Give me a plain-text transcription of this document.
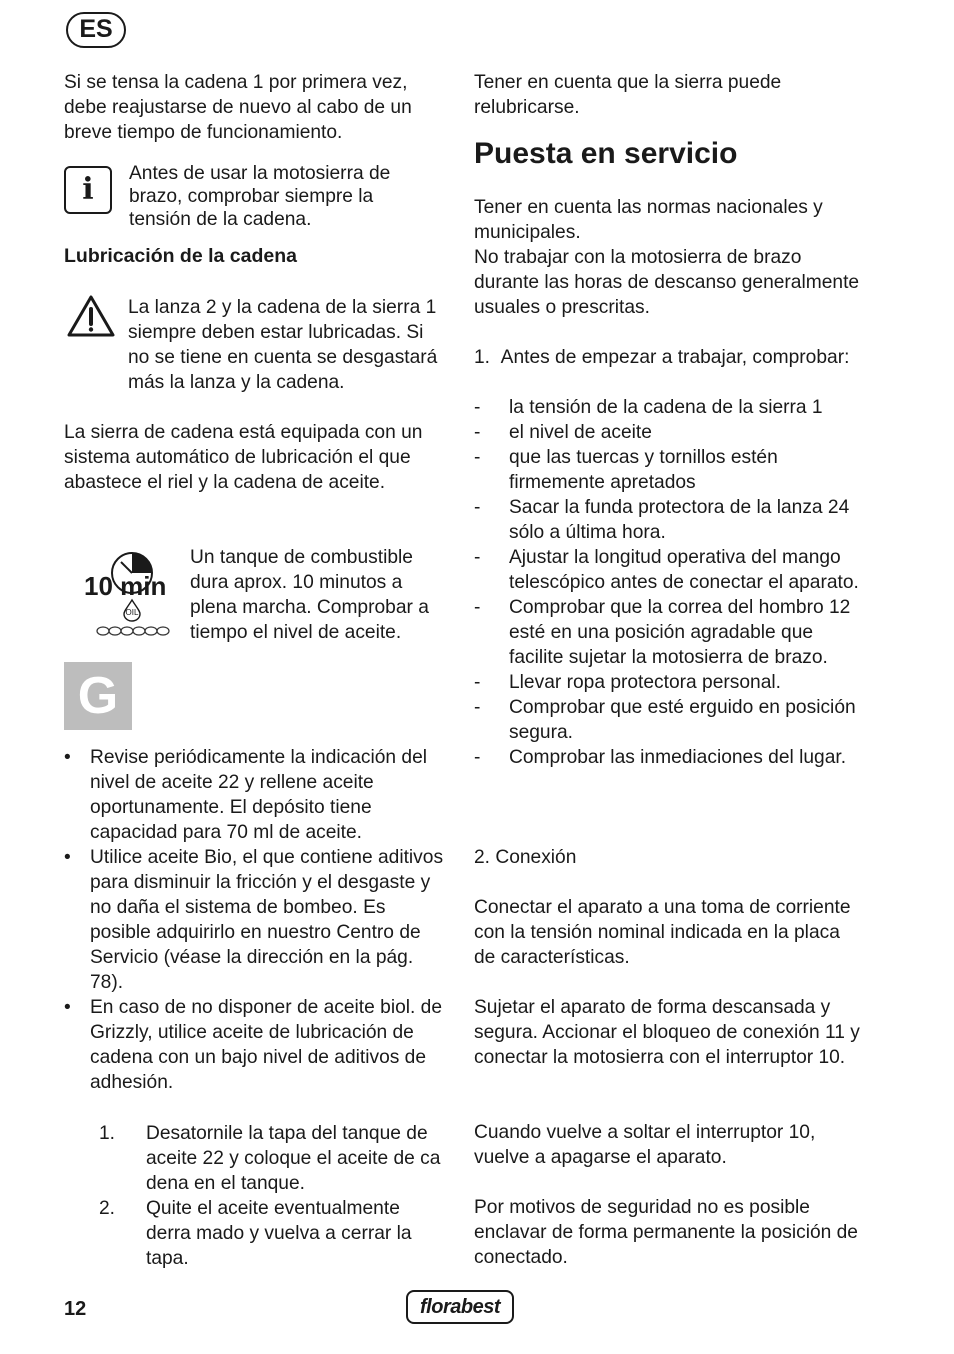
ES

Si se tensa la cadena 1 por primera vez, debe reajustarse de nuevo al cabo de un breve tiempo de funcionamiento.

i	Antes de usar la motosierra de brazo, comprobar siempre la tensión de la cadena.

Lubricación de la cadena

La lanza 2 y la cadena de la sierra 1 siempre deben estar lubricadas. Si no se tiene en cuenta se desgastará más la lanza y la cadena.

La sierra de cadena está equipada con un sistema automático de lubricación el que abastece el riel y la cadena de aceite.

10 min
OIL

Un tanque de combustible dura aprox. 10 minutos a plena marcha. Comprobar a tiempo el nivel de aceite.

G
• Revise periódicamente la indicación del nivel de aceite 22 y rellene aceite oportunamente. El depósito tiene capacidad para 70 ml de aceite.
• Utilice aceite Bio, el que contiene aditivos para disminuir la fricción y el desgaste y no daña el sistema de bombeo. Es posible adquirirlo en nuestro Centro de Servicio (véase la dirección en la pág. 78).
• En caso de no disponer de aceite biol. de Grizzly, utilice aceite de lubricación de cadena con un bajo nivel de aditivos de adhesión.
1. Desatornile la tapa del tanque de aceite 22 y coloque el aceite de ca dena en el tanque.
2. Quite el aceite eventualmente derra mado y vuelva a cerrar la tapa.

Tener en cuenta que la sierra puede relubricarse.

Puesta en servicio

Tener en cuenta las normas nacionales y municipales.

No trabajar con la motosierra de brazo durante las horas de descanso generalmente usuales o prescritas.

1.  Antes de empezar a trabajar, comprobar:

- la tensión de la cadena de la sierra 1
- el nivel de aceite
- que las tuercas y tornillos estén firmemente apretados
- Sacar la funda protectora de la lanza 24 sólo a última hora.
- Ajustar la longitud operativa del mango telescópico antes de conectar el aparato.
- Comprobar que la correa del hombro 12 esté en una posición agradable que facilite sujetar la motosierra de brazo.
- Llevar ropa protectora personal.
- Comprobar que esté erguido en posición segura.
- Comprobar las inmediaciones del lugar.

2. Conexión

Conectar el aparato a una toma de corriente con la tensión nominal indicada en la placa de características.

Sujetar el aparato de forma descansada y segura. Accionar el bloqueo de conexión 11 y conectar la motosierra con el interruptor 10.

Cuando vuelve a soltar el interruptor 10, vuelve a apagarse el aparato.

Por motivos de seguridad no es posible enclavar de forma permanente la posición de conectado.

12	florabest
